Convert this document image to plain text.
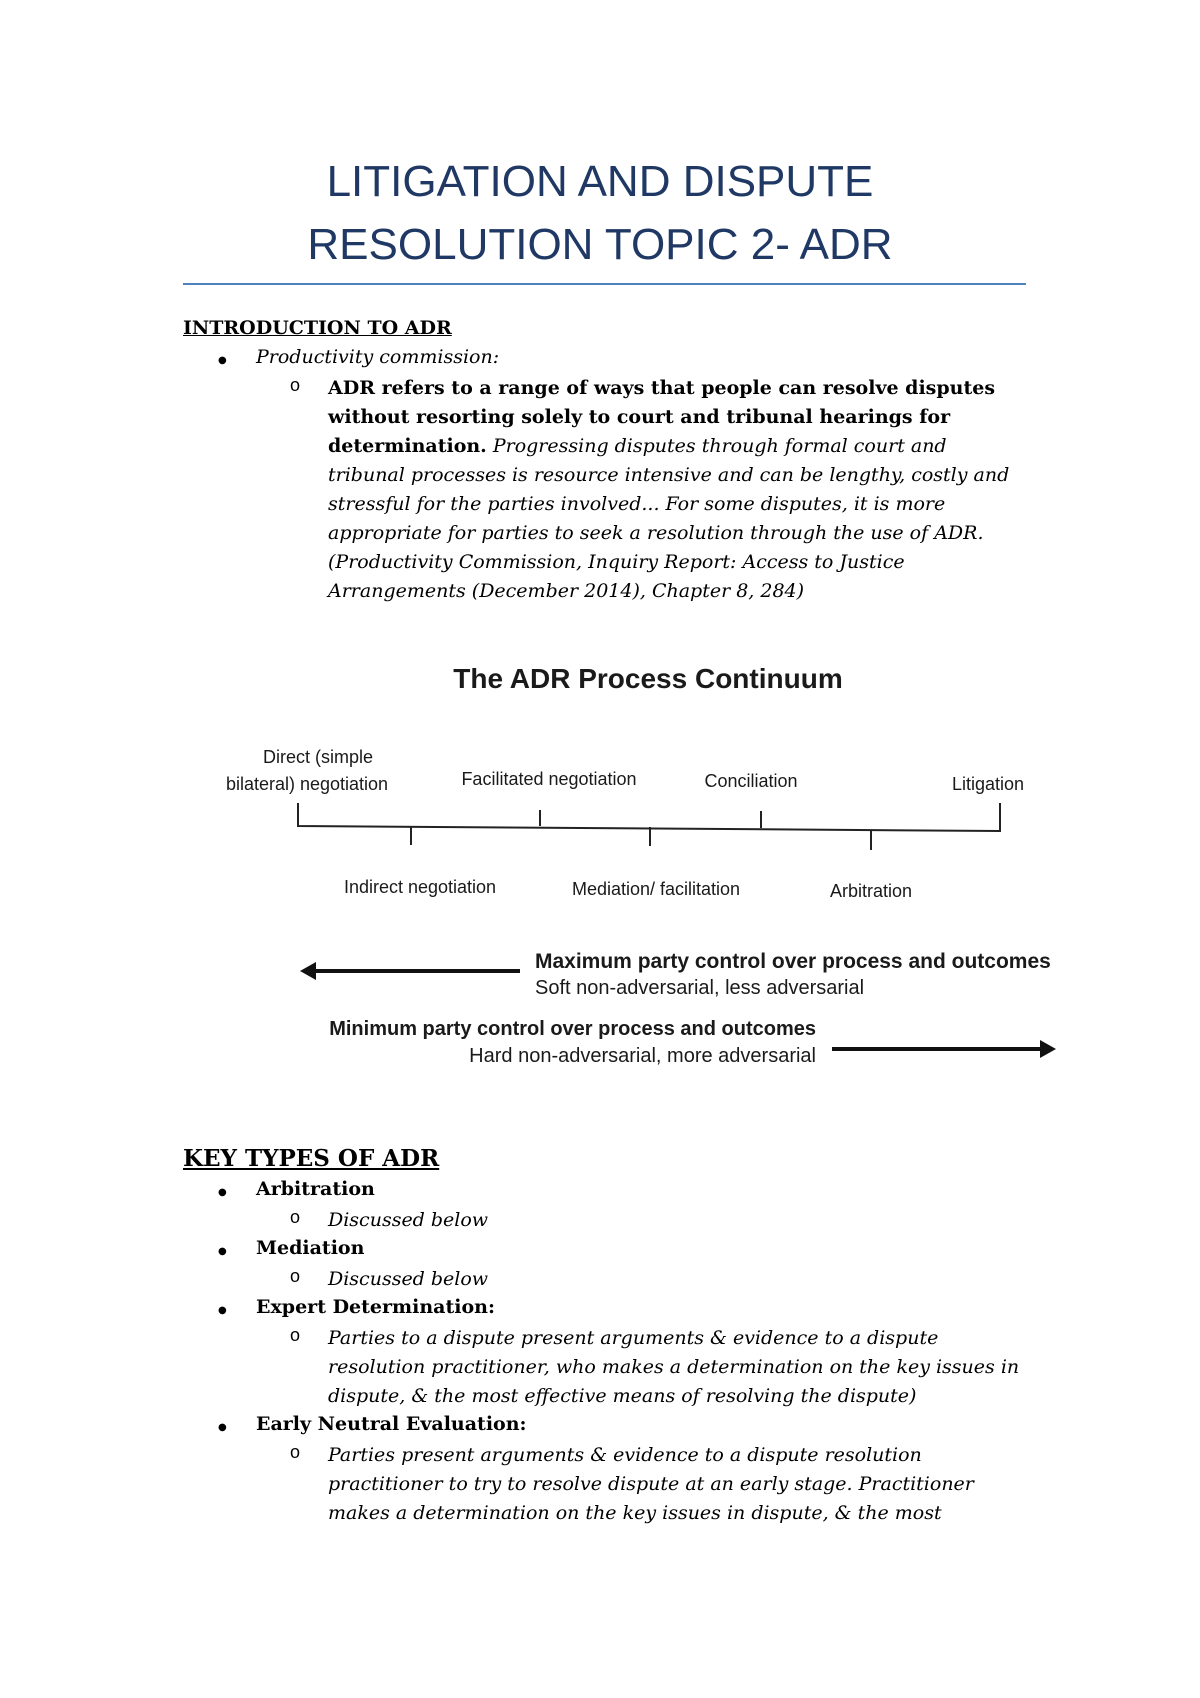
LITIGATION AND DISPUTE
RESOLUTION TOPIC 2- ADR
INTRODUCTION TO ADR
● Productivity commission:
o ADR refers to a range of ways that people can resolve disputes without resorting solely to court and tribunal hearings for determination. Progressing disputes through formal court and tribunal processes is resource intensive and can be lengthy, costly and stressful for the parties involved... For some disputes, it is more appropriate for parties to seek a resolution through the use of ADR. (Productivity Commission, Inquiry Report: Access to Justice Arrangements (December 2014), Chapter 8, 284)
The ADR Process Continuum
Direct (simple
bilateral) negotiation	Facilitated negotiation	Conciliation	Litigation
Indirect negotiation	Mediation/ facilitation	Arbitration
Maximum party control over process and outcomes
Soft non-adversarial, less adversarial
Minimum party control over process and outcomes
Hard non-adversarial, more adversarial
KEY TYPES OF ADR
● Arbitration
o Discussed below
● Mediation
o Discussed below
● Expert Determination:
o Parties to a dispute present arguments & evidence to a dispute resolution practitioner, who makes a determination on the key issues in dispute, & the most effective means of resolving the dispute)
● Early Neutral Evaluation:
o Parties present arguments & evidence to a dispute resolution practitioner to try to resolve dispute at an early stage. Practitioner makes a determination on the key issues in dispute, & the most
